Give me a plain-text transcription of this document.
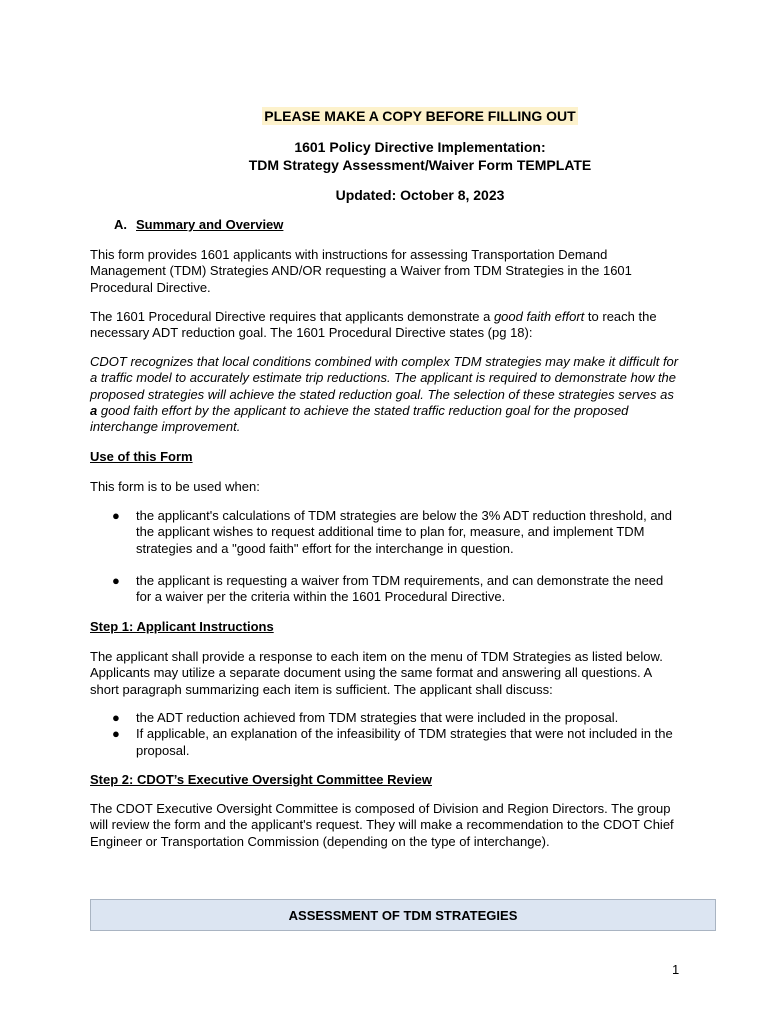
PLEASE MAKE A COPY BEFORE FILLING OUT
1601 Policy Directive Implementation:
TDM Strategy Assessment/Waiver Form TEMPLATE
Updated: October 8, 2023
A. Summary and Overview
This form provides 1601 applicants with instructions for assessing Transportation Demand Management (TDM) Strategies AND/OR requesting a Waiver from TDM Strategies in the 1601 Procedural Directive.
The 1601 Procedural Directive requires that applicants demonstrate a good faith effort to reach the necessary ADT reduction goal. The 1601 Procedural Directive states (pg 18):
CDOT recognizes that local conditions combined with complex TDM strategies may make it difficult for a traffic model to accurately estimate trip reductions. The applicant is required to demonstrate how the proposed strategies will achieve the stated reduction goal. The selection of these strategies serves as a good faith effort by the applicant to achieve the stated traffic reduction goal for the proposed interchange improvement.
Use of this Form
This form is to be used when:
● the applicant's calculations of TDM strategies are below the 3% ADT reduction threshold, and the applicant wishes to request additional time to plan for, measure, and implement TDM strategies and a "good faith" effort for the interchange in question.
● the applicant is requesting a waiver from TDM requirements, and can demonstrate the need for a waiver per the criteria within the 1601 Procedural Directive.
Step 1: Applicant Instructions
The applicant shall provide a response to each item on the menu of TDM Strategies as listed below. Applicants may utilize a separate document using the same format and answering all questions. A short paragraph summarizing each item is sufficient. The applicant shall discuss:
● the ADT reduction achieved from TDM strategies that were included in the proposal.
● If applicable, an explanation of the infeasibility of TDM strategies that were not included in the proposal.
Step 2: CDOT’s Executive Oversight Committee Review
The CDOT Executive Oversight Committee is composed of Division and Region Directors. The group will review the form and the applicant's request. They will make a recommendation to the CDOT Chief Engineer or Transportation Commission (depending on the type of interchange).
ASSESSMENT OF TDM STRATEGIES
1
